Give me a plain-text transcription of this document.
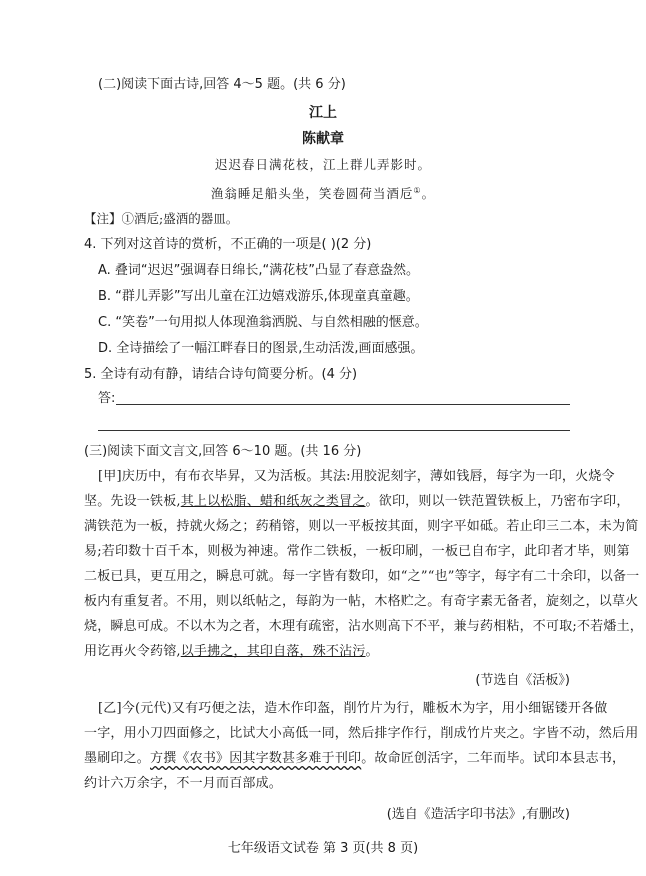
(二)阅读下面古诗,回答 4～5 题。(共 6 分)
江上
陈献章
迟迟春日满花枝，江上群儿弄影时。
渔翁睡足船头坐，笑卷圆荷当酒卮①。
【注】①酒卮;盛酒的器皿。
4. 下列对这首诗的赏析，不正确的一项是( )(2 分)
A. 叠词“迟迟”强调春日绵长,“满花枝”凸显了春意盎然。
B. “群儿弄影”写出儿童在江边嬉戏游乐,体现童真童趣。
C. “笑卷”一句用拟人体现渔翁洒脱、与自然相融的惬意。
D. 全诗描绘了一幅江畔春日的图景,生动活泼,画面感强。
5. 全诗有动有静，请结合诗句简要分析。(4 分)
答:
(三)阅读下面文言文,回答 6～10 题。(共 16 分)
[甲]庆历中，有布衣毕昇，又为活板。其法:用胶泥刻字，薄如钱唇，每字为一印，火烧令
坚。先设一铁板,其上以松脂、蜡和纸灰之类冒之。欲印，则以一铁范置铁板上，乃密布字印，
满铁范为一板，持就火炀之；药稍镕，则以一平板按其面，则字平如砥。若止印三二本，未为简
易;若印数十百千本，则极为神速。常作二铁板，一板印刷，一板已自布字，此印者才毕，则第
二板已具，更互用之，瞬息可就。每一字皆有数印，如“之”“也”等字，每字有二十余印，以备一
板内有重复者。不用，则以纸帖之，每韵为一帖，木格贮之。有奇字素无备者，旋刻之，以草火
烧，瞬息可成。不以木为之者，木理有疏密，沾水则高下不平，兼与药相粘，不可取;不若燔土，
用讫再火令药镕,以手拂之，其印自落，殊不沾污。
(节选自《活板》)
[乙]今(元代)又有巧便之法，造木作印盔，削竹片为行，雕板木为字，用小细锯镂开各做
一字，用小刀四面修之，比试大小高低一同，然后排字作行，削成竹片夹之。字皆不动，然后用
墨刷印之。方撰《农书》因其字数甚多难于刊印。故命匠创活字，二年而毕。试印本县志书，
约计六万余字，不一月而百部成。
(选自《造活字印书法》,有删改)
七年级语文试卷 第 3 页(共 8 页)
